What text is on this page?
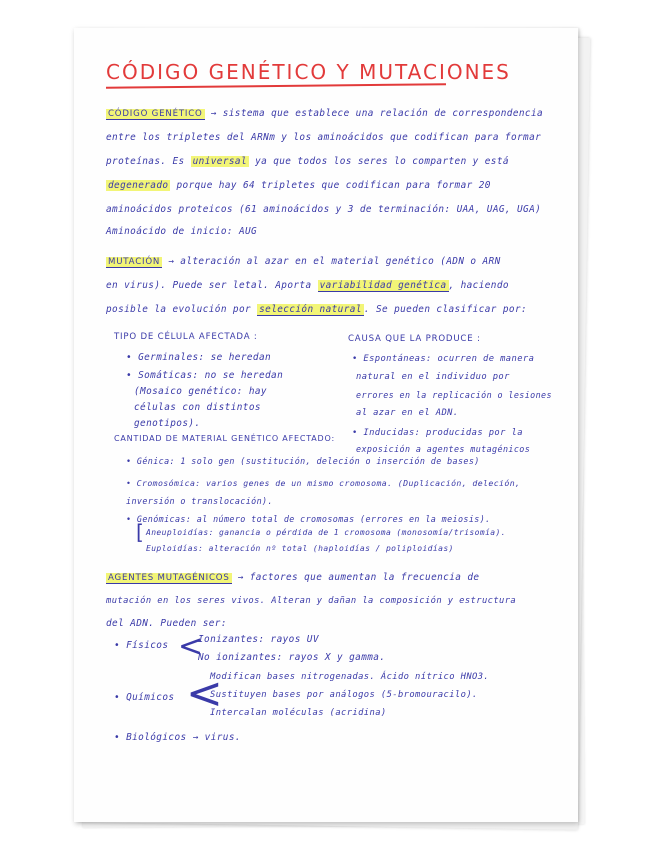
CÓDIGO GENÉTICO Y MUTACIONES
CÓDIGO GENÉTICO → sistema que establece una relación de correspondencia
entre los tripletes del ARNm y los aminoácidos que codifican para formar
proteínas. Es universal ya que todos los seres lo comparten y está
degenerado porque hay 64 tripletes que codifican para formar 20
aminoácidos proteicos (61 aminoácidos y 3 de terminación: UAA, UAG, UGA)
Aminoácido de inicio: AUG
MUTACIÓN → alteración al azar en el material genético (ADN o ARN
en virus). Puede ser letal. Aporta variabilidad genética , haciendo
posible la evolución por selección natural . Se pueden clasificar por:
TIPO DE CÉLULA AFECTADA :
• Germinales: se heredan
• Somáticas: no se heredan
(Mosaico genético: hay
células con distintos
genotipos).
CAUSA QUE LA PRODUCE :
• Espontáneas: ocurren de manera
natural en el individuo por
errores en la replicación o lesiones
al azar en el ADN.
• Inducidas: producidas por la
exposición a agentes mutagénicos
CANTIDAD DE MATERIAL GENÉTICO AFECTADO:
• Génica: 1 solo gen (sustitución, deleción o inserción de bases)
• Cromosómica: varios genes de un mismo cromosoma. (Duplicación, deleción,
inversión o translocación).
• Genómicas: al número total de cromosomas (errores en la meiosis).
[ Aneuploidías: ganancia o pérdida de 1 cromosoma (monosomía/trisomía).
Euploidías: alteración nº total (haploidías / poliploidías)
AGENTES MUTAGÉNICOS → factores que aumentan la frecuencia de
mutación en los seres vivos. Alteran y dañan la composición y estructura
del ADN. Pueden ser:
• Físicos <
Ionizantes: rayos UV
No ionizantes: rayos X y gamma.
• Químicos <
Modifican bases nitrogenadas. Ácido nítrico HNO3.
Sustituyen bases por análogos (5-bromouracilo).
Intercalan moléculas (acridina)
• Biológicos → virus.
